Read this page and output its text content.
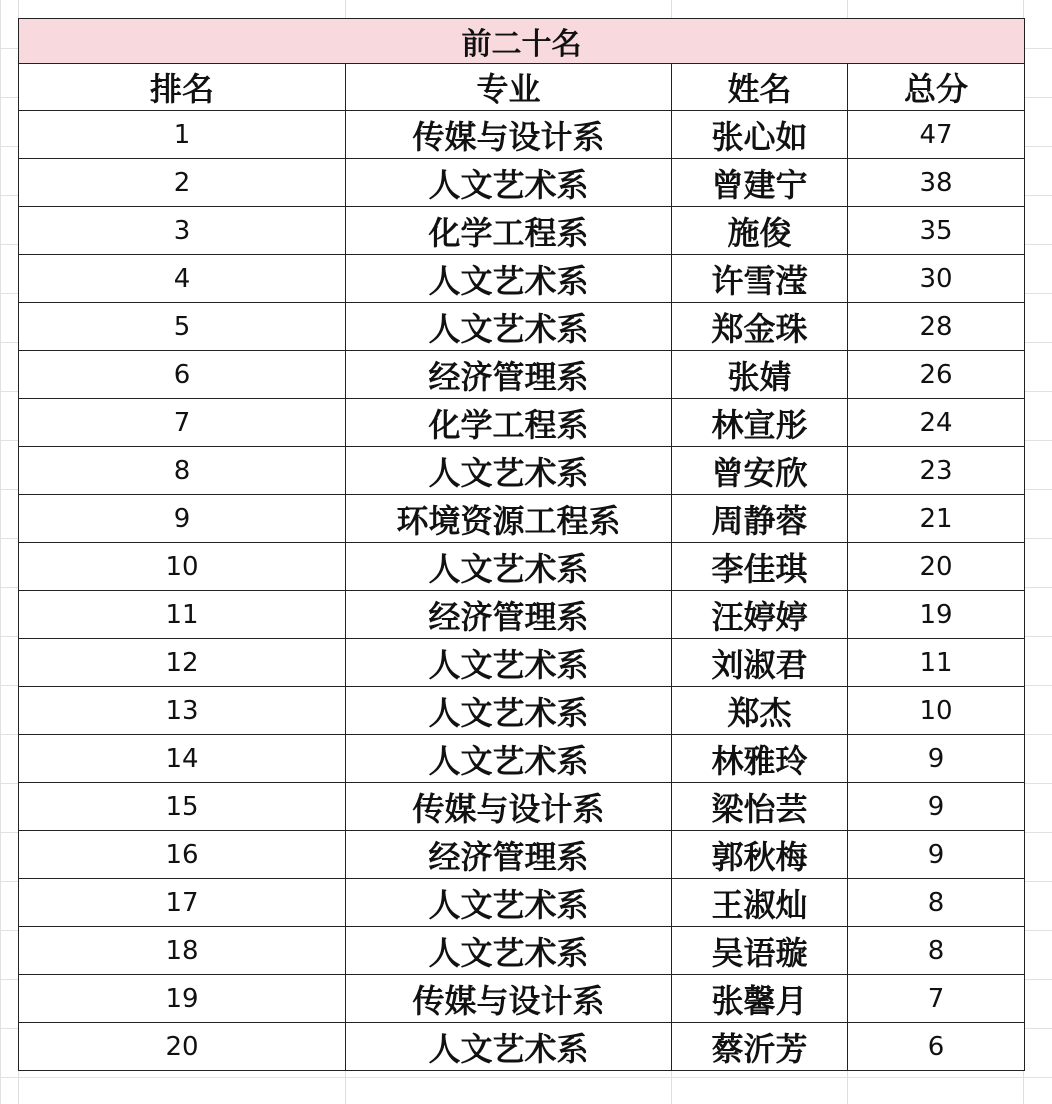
前二十名			
排名	专业	姓名	总分
1	传媒与设计系	张心如	47
2	人文艺术系	曾建宁	38
3	化学工程系	施俊	35
4	人文艺术系	许雪滢	30
5	人文艺术系	郑金珠	28
6	经济管理系	张婧	26
7	化学工程系	林宣彤	24
8	人文艺术系	曾安欣	23
9	环境资源工程系	周静蓉	21
10	人文艺术系	李佳琪	20
11	经济管理系	汪婷婷	19
12	人文艺术系	刘淑君	11
13	人文艺术系	郑杰	10
14	人文艺术系	林雅玲	9
15	传媒与设计系	梁怡芸	9
16	经济管理系	郭秋梅	9
17	人文艺术系	王淑灿	8
18	人文艺术系	吴语璇	8
19	传媒与设计系	张馨月	7
20	人文艺术系	蔡沂芳	6
